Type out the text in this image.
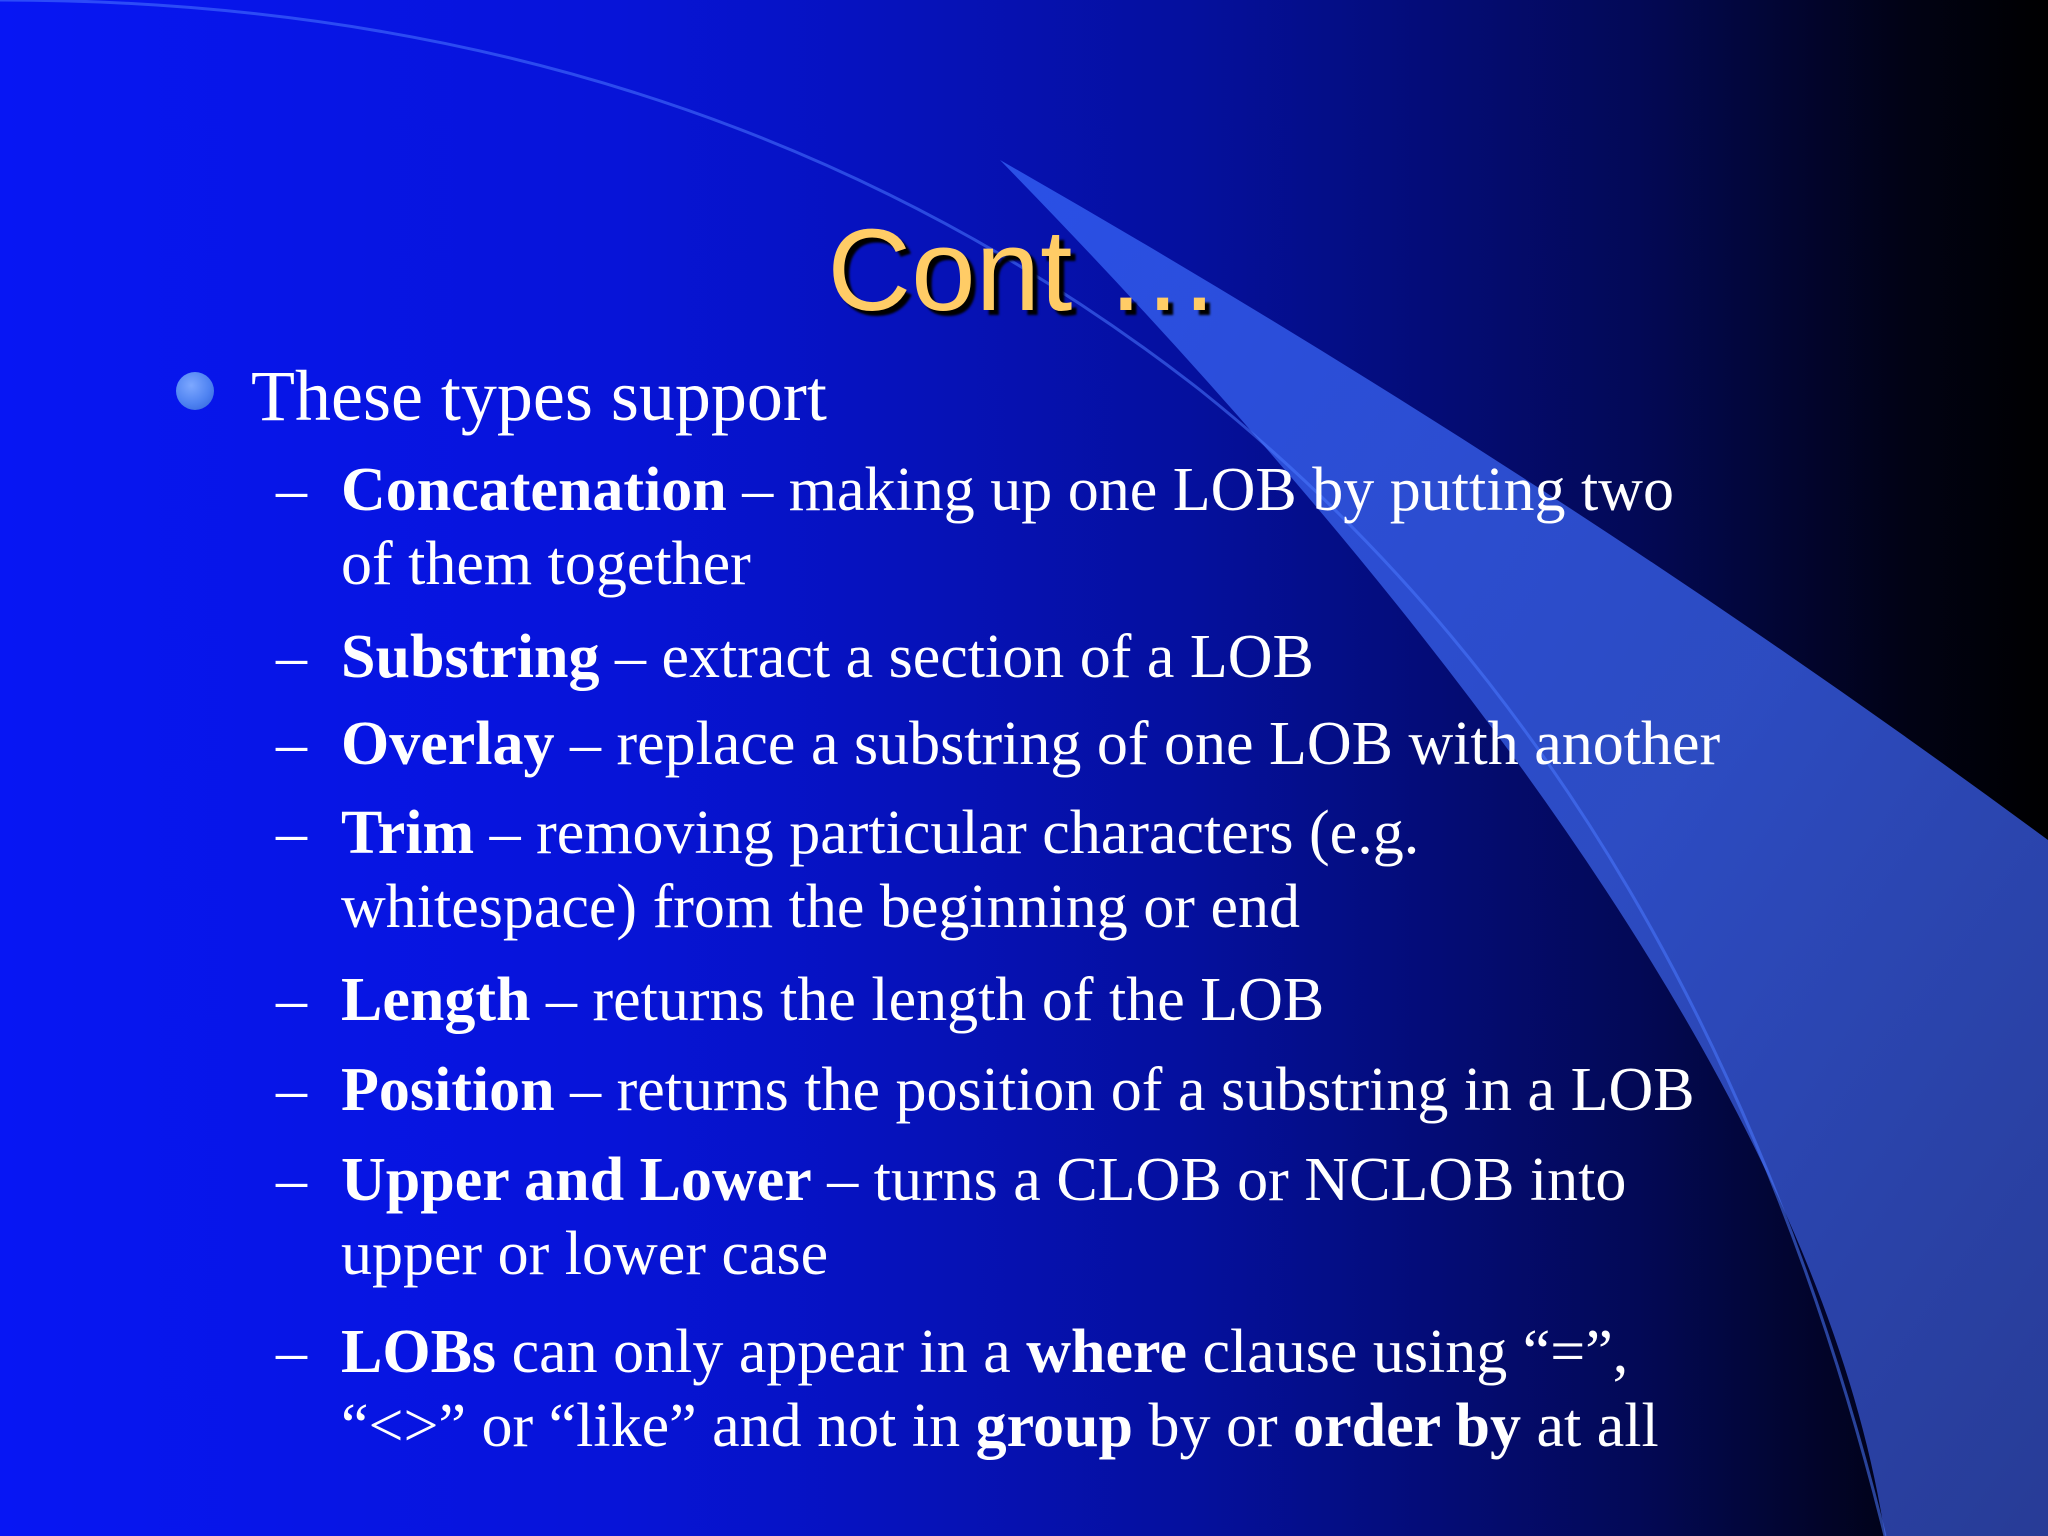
Cont …
These types support
– Concatenation – making up one LOB by putting two
of them together
– Substring – extract a section of a LOB
– Overlay – replace a substring of one LOB with another
– Trim – removing particular characters (e.g.
whitespace) from the beginning or end
– Length – returns the length of the LOB
– Position – returns the position of a substring in a LOB
– Upper and Lower – turns a CLOB or NCLOB into
upper or lower case
– LOBs can only appear in a where clause using “=”,
“<>” or “like” and not in group by or order by at all
